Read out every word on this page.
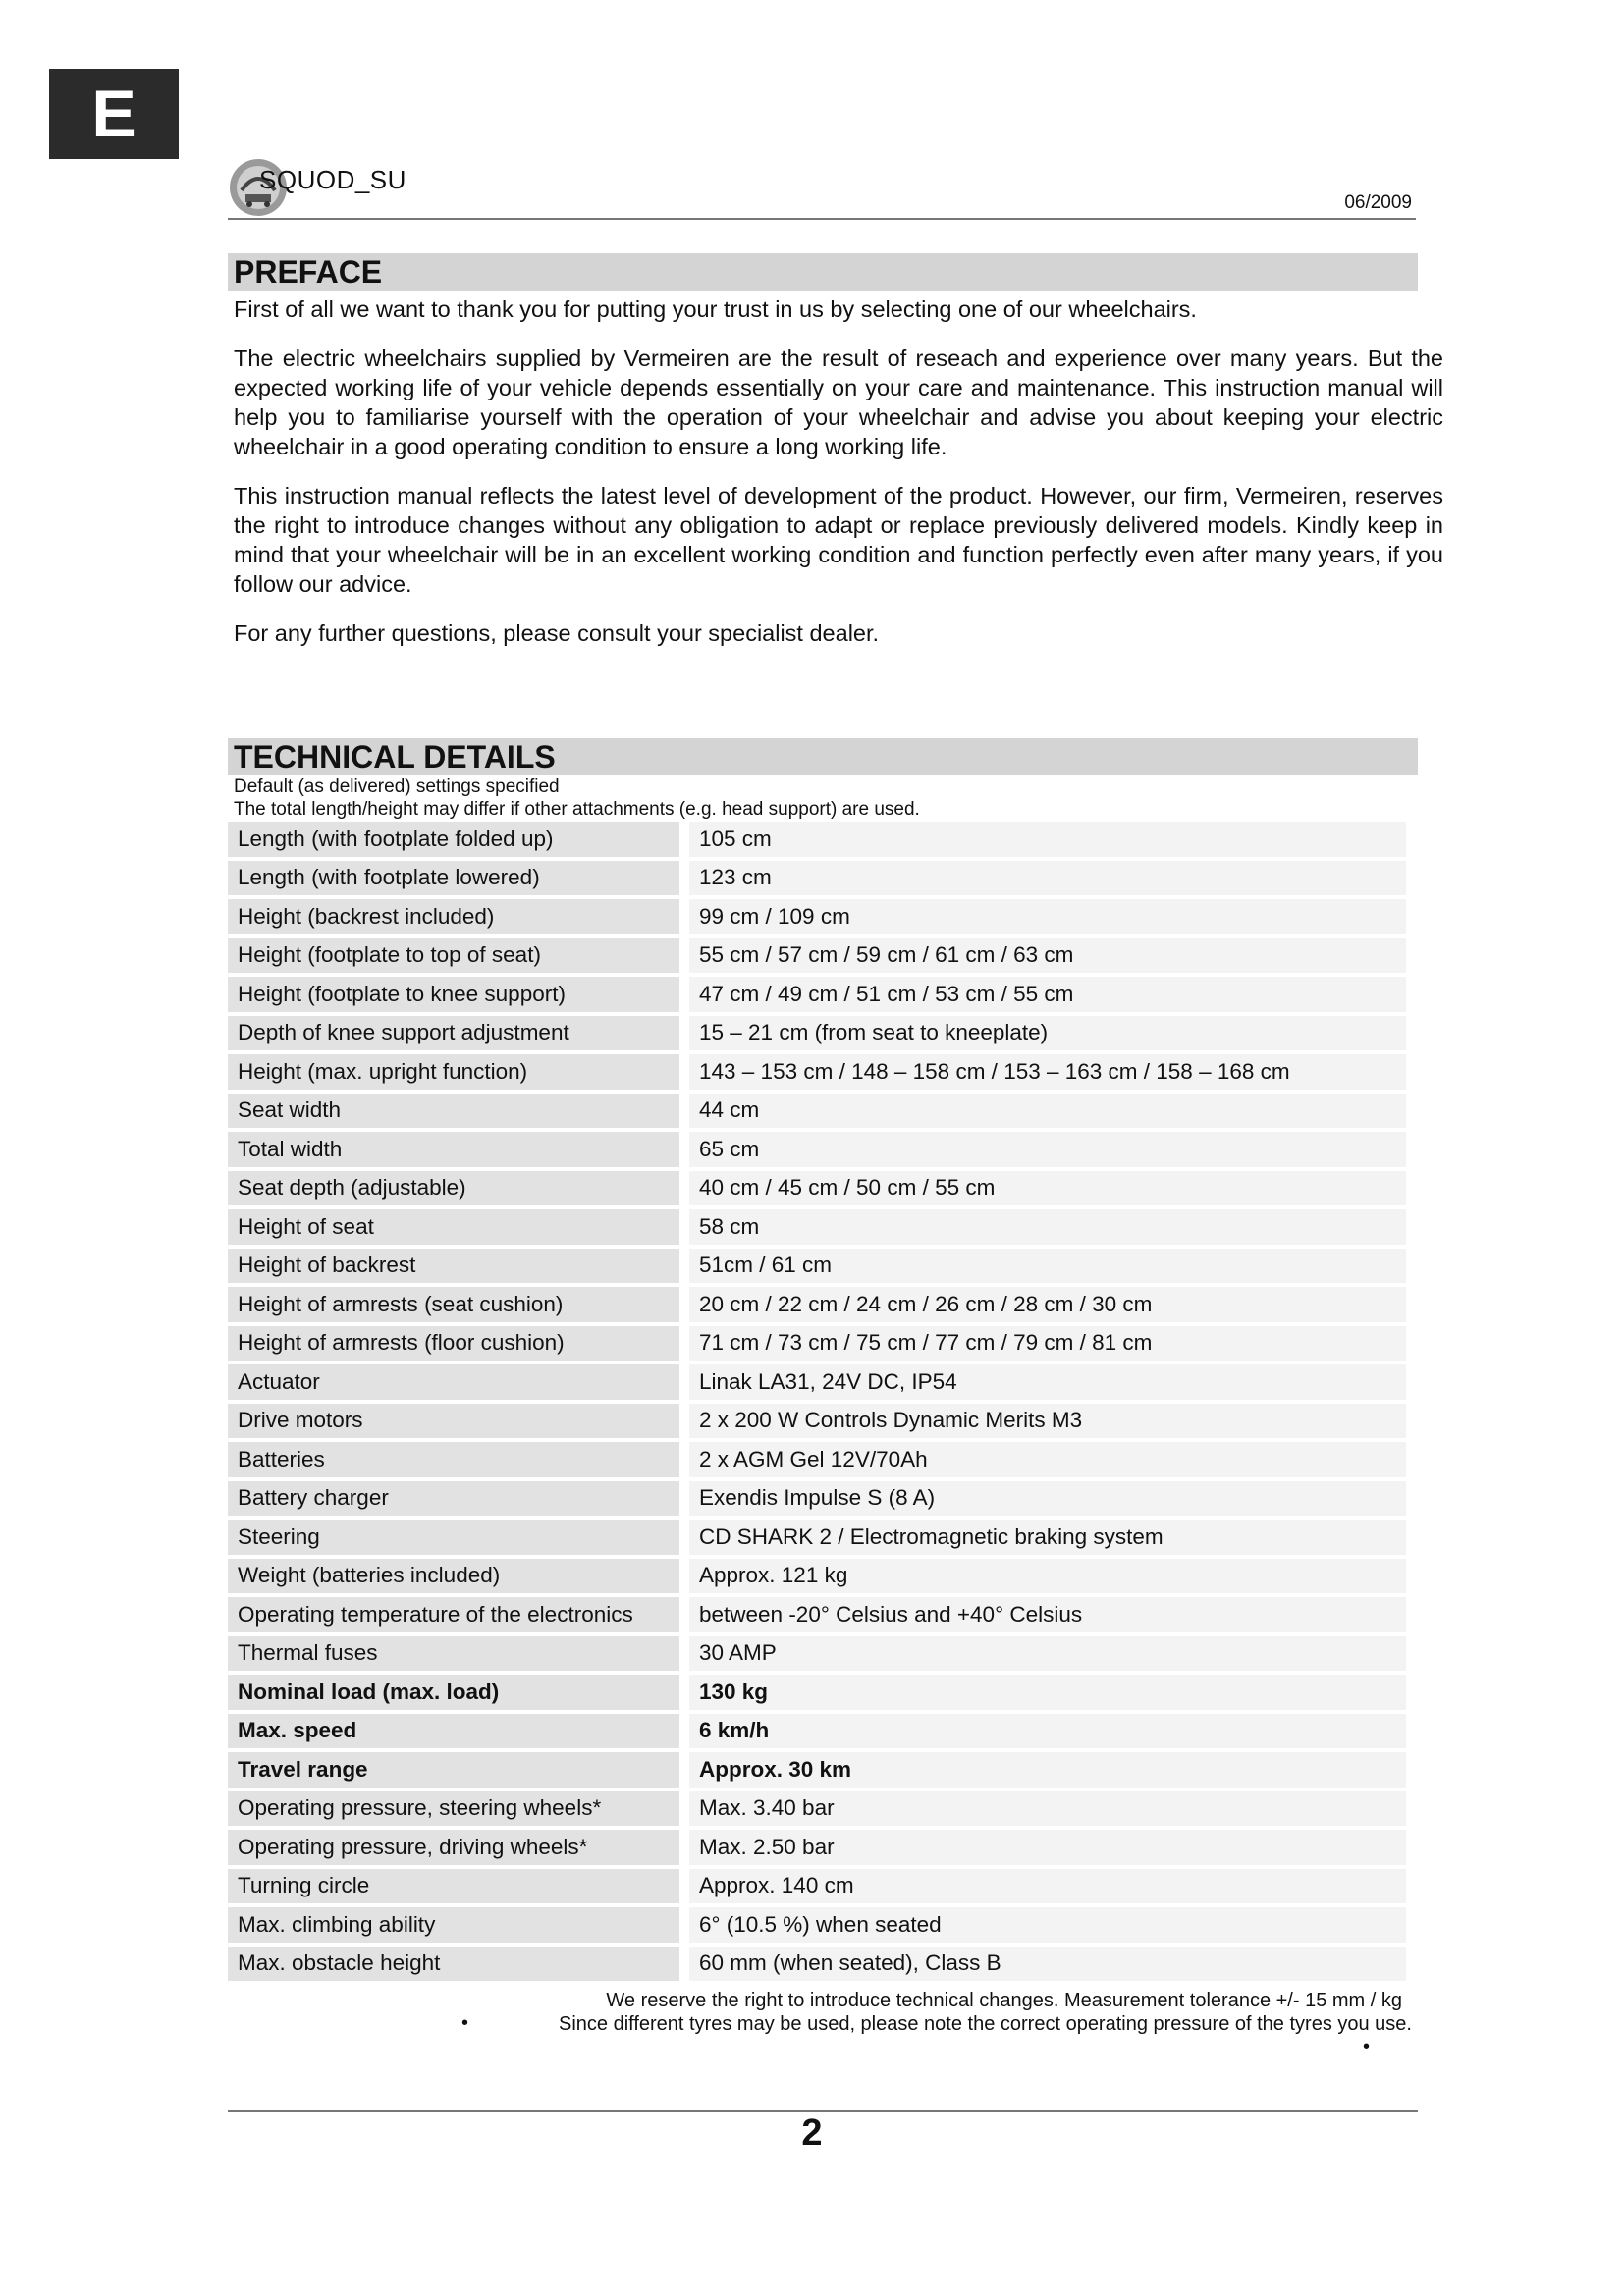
E
SQUOD_SU
06/2009
PREFACE

First of all we want to thank you for putting your trust in us by selecting one of our wheelchairs.

The electric wheelchairs supplied by Vermeiren are the result of reseach and experience over many years. But the expected working life of your vehicle depends essentially on your care and maintenance. This instruction manual will help you to familiarise yourself with the operation of your wheelchair and advise you about keeping your electric wheelchair in a good operating condition to ensure a long working life.

This instruction manual reflects the latest level of development of the product. However, our firm, Vermeiren, reserves the right to introduce changes without any obligation to adapt or replace previously delivered models. Kindly keep in mind that your wheelchair will be in an excellent working condition and function perfectly even after many years, if you follow our advice.

For any further questions, please consult your specialist dealer.

TECHNICAL DETAILS
Default (as delivered) settings specified
The total length/height may differ if other attachments (e.g. head support) are used.
Length (with footplate folded up)		105 cm
Length (with footplate lowered)		123 cm
Height (backrest included)		99 cm / 109 cm
Height (footplate to top of seat)		55 cm / 57 cm / 59 cm / 61 cm / 63 cm
Height (footplate to knee support)		47 cm / 49 cm / 51 cm / 53 cm / 55 cm
Depth of knee support adjustment		15 – 21 cm (from seat to kneeplate)
Height (max. upright function)		143 – 153 cm / 148 – 158 cm / 153 – 163 cm / 158 – 168 cm
Seat width		44 cm
Total width		65 cm
Seat depth (adjustable)		40 cm / 45 cm / 50 cm / 55 cm
Height of seat		58 cm
Height of backrest		51cm / 61 cm
Height of armrests (seat cushion)		20 cm / 22 cm / 24 cm / 26 cm / 28 cm / 30 cm
Height of armrests (floor cushion)		71 cm / 73 cm / 75 cm / 77 cm / 79 cm / 81 cm
Actuator		Linak LA31, 24V DC, IP54
Drive motors		2 x 200 W Controls Dynamic Merits M3
Batteries		2 x AGM Gel 12V/70Ah
Battery charger		Exendis Impulse S (8 A)
Steering		CD SHARK 2 / Electromagnetic braking system
Weight (batteries included)		Approx. 121 kg
Operating temperature of the electronics		between -20° Celsius and +40° Celsius
Thermal fuses		30 AMP
Nominal load (max. load)		130 kg
Max. speed		6 km/h
Travel range		Approx. 30 km
Operating pressure, steering wheels*		Max. 3.40 bar
Operating pressure, driving wheels*		Max. 2.50 bar
Turning circle		Approx. 140 cm
Max. climbing ability		6° (10.5 %) when seated
Max. obstacle height		60 mm (when seated), Class B
We reserve the right to introduce technical changes. Measurement tolerance +/- 15 mm / kg
•	Since different tyres may be used, please note the correct operating pressure of the tyres you use.
•
2
